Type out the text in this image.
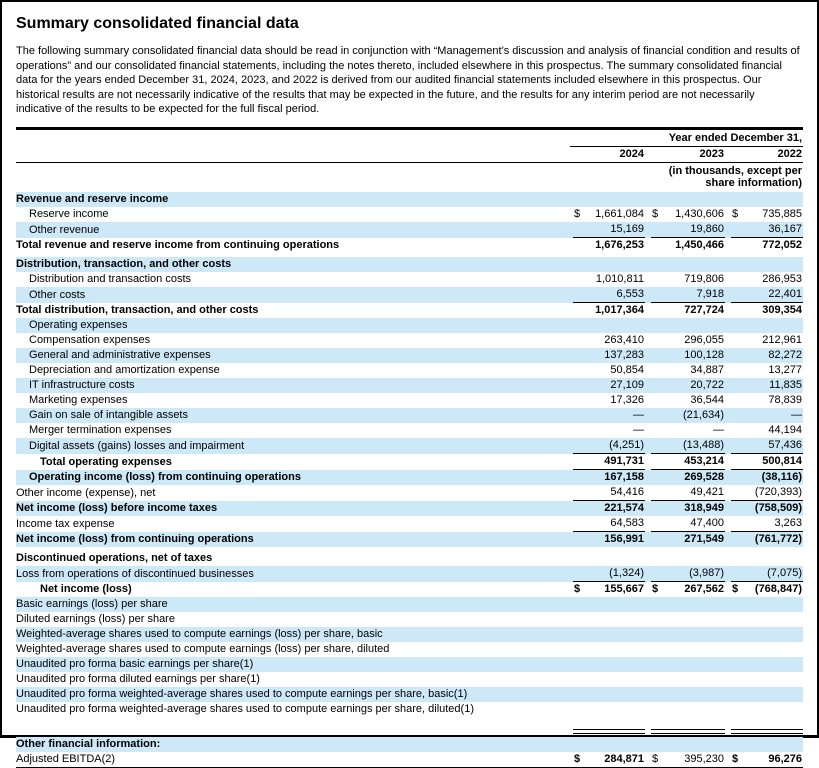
Summary consolidated financial data
The following summary consolidated financial data should be read in conjunction with “Management’s discussion and analysis of financial condition and results of operations” and our consolidated financial statements, including the notes thereto, included elsewhere in this prospectus. The summary consolidated financial data for the years ended December 31, 2024, 2023, and 2022 is derived from our audited financial statements included elsewhere in this prospectus. Our historical results are not necessarily indicative of the results that may be expected in the future, and the results for any interim period are not necessarily indicative of the results to be expected for the full fiscal period.
Year ended December 31,
2024	2023	2022
(in thousands, except per share information)
Revenue and reserve income
Reserve income	$ 1,661,084 $ 1,430,606 $ 735,885
Other revenue	15,169	19,860	36,167
Total revenue and reserve income from continuing operations	1,676,253	1,450,466	772,052
Distribution, transaction, and other costs
Distribution and transaction costs	1,010,811	719,806	286,953
Other costs	6,553	7,918	22,401
Total distribution, transaction, and other costs	1,017,364	727,724	309,354
Operating expenses
Compensation expenses	263,410	296,055	212,961
General and administrative expenses	137,283	100,128	82,272
Depreciation and amortization expense	50,854	34,887	13,277
IT infrastructure costs	27,109	20,722	11,835
Marketing expenses	17,326	36,544	78,839
Gain on sale of intangible assets	—	(21,634)	—
Merger termination expenses	—	—	44,194
Digital assets (gains) losses and impairment	(4,251)	(13,488)	57,436
Total operating expenses	491,731	453,214	500,814
Operating income (loss) from continuing operations	167,158	269,528	(38,116)
Other income (expense), net	54,416	49,421	(720,393)
Net income (loss) before income taxes	221,574	318,949	(758,509)
Income tax expense	64,583	47,400	3,263
Net income (loss) from continuing operations	156,991	271,549	(761,772)
Discontinued operations, net of taxes
Loss from operations of discontinued businesses	(1,324)	(3,987)	(7,075)
Net income (loss)	$ 155,667 $ 267,562 $ (768,847)
Basic earnings (loss) per share
Diluted earnings (loss) per share
Weighted-average shares used to compute earnings (loss) per share, basic
Weighted-average shares used to compute earnings (loss) per share, diluted
Unaudited pro forma basic earnings per share(1)
Unaudited pro forma diluted earnings per share(1)
Unaudited pro forma weighted-average shares used to compute earnings per share, basic(1)
Unaudited pro forma weighted-average shares used to compute earnings per share, diluted(1)
Other financial information:
Adjusted EBITDA(2)	$ 284,871 $ 395,230 $	96,276
